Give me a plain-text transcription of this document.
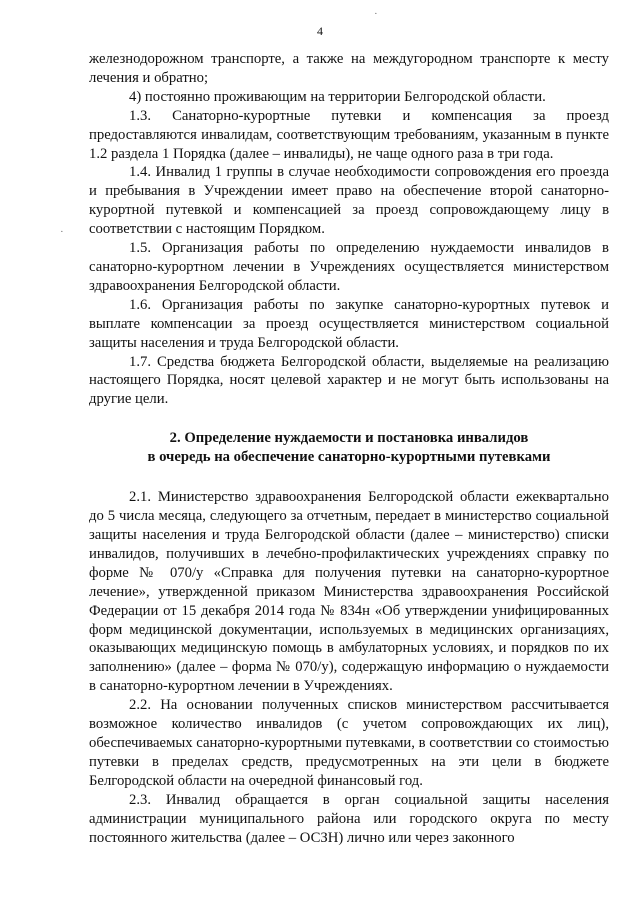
4
·
·

железнодорожном транспорте, а также на междугородном транспорте к месту лечения и обратно;

4) постоянно проживающим на территории Белгородской области.

1.3. Санаторно-курортные путевки и компенсация за проезд предоставляются инвалидам, соответствующим требованиям, указанным в пункте 1.2 раздела 1 Порядка (далее – инвалиды), не чаще одного раза в три года.

1.4. Инвалид 1 группы в случае необходимости сопровождения его проезда и пребывания в Учреждении имеет право на обеспечение второй санаторно-курортной путевкой и компенсацией за проезд сопровождающему лицу в соответствии с настоящим Порядком.

1.5. Организация работы по определению нуждаемости инвалидов в санаторно-курортном лечении в Учреждениях осуществляется министерством здравоохранения Белгородской области.

1.6. Организация работы по закупке санаторно-курортных путевок и выплате компенсации за проезд осуществляется министерством социальной защиты населения и труда Белгородской области.

1.7. Средства бюджета Белгородской области, выделяемые на реализацию настоящего Порядка, носят целевой характер и не могут быть использованы на другие цели.

2. Определение нуждаемости и постановка инвалидов
в очередь на обеспечение санаторно-курортными путевками

2.1. Министерство здравоохранения Белгородской области ежеквартально до 5 числа месяца, следующего за отчетным, передает в министерство социальной защиты населения и труда Белгородской области (далее – министерство) списки инвалидов, получивших в лечебно-профилактических учреждениях справку по форме № 070/у «Справка для получения путевки на санаторно-курортное лечение», утвержденной приказом Министерства здравоохранения Российской Федерации от 15 декабря 2014 года № 834н «Об утверждении унифицированных форм медицинской документации, используемых в медицинских организациях, оказывающих медицинскую помощь в амбулаторных условиях, и порядков по их заполнению» (далее – форма № 070/у), содержащую информацию о нуждаемости в санаторно-курортном лечении в Учреждениях.

2.2. На основании полученных списков министерством рассчитывается возможное количество инвалидов (с учетом сопровождающих их лиц), обеспечиваемых санаторно-курортными путевками, в соответствии со стоимостью путевки в пределах средств, предусмотренных на эти цели в бюджете Белгородской области на очередной финансовый год.

2.3. Инвалид обращается в орган социальной защиты населения администрации муниципального района или городского округа по месту постоянного жительства (далее – ОСЗН) лично или через законного
